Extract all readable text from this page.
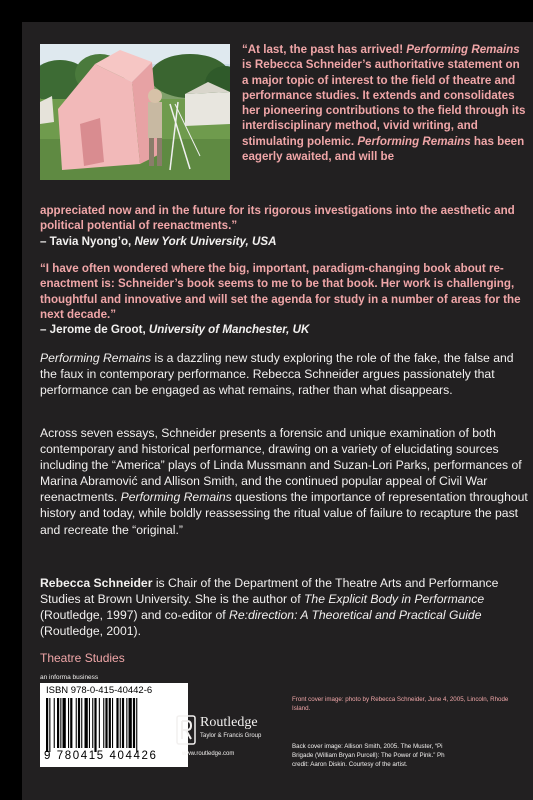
“At last, the past has arrived! Performing Remains is Rebecca Schneider’s authoritative statement on a major topic of interest to the field of theatre and performance studies. It extends and consolidates her pioneering contributions to the field through its interdisciplinary method, vivid writing, and stimulating polemic. Performing Remains has been eagerly awaited, and will be
appreciated now and in the future for its rigorous investigations into the aesthetic and political potential of reenactments.”
– Tavia Nyong’o, New York University, USA
“I have often wondered where the big, important, paradigm-changing book about re-enactment is: Schneider’s book seems to me to be that book. Her work is challenging, thoughtful and innovative and will set the agenda for study in a number of areas for the next decade.”
– Jerome de Groot, University of Manchester, UK
Performing Remains is a dazzling new study exploring the role of the fake, the false and the faux in contemporary performance. Rebecca Schneider argues passionately that performance can be engaged as what remains, rather than what disappears.
Across seven essays, Schneider presents a forensic and unique examination of both contemporary and historical performance, drawing on a variety of elucidating sources including the “America” plays of Linda Mussmann and Suzan-Lori Parks, performances of Marina Abramović and Allison Smith, and the continued popular appeal of Civil War reenactments. Performing Remains questions the importance of representation throughout history and today, while boldly reassessing the ritual value of failure to recapture the past and recreate the “original.”
Rebecca Schneider is Chair of the Department of the Theatre Arts and Performance Studies at Brown University. She is the author of The Explicit Body in Performance (Routledge, 1997) and co-editor of Re:direction: A Theoretical and Practical Guide (Routledge, 2001).
Theatre Studies
an informa business
ISBN 978-0-415-40442-6
9 780415 404426
Routledge
Taylor & Francis Group
www.routledge.com
Front cover image: photo by Rebecca Schneider, June 4, 2005, Lincoln, Rhode Island.
Back cover image: Allison Smith, 2005. The Muster, “Pi
Brigade (William Bryan Purcell): The Power of Pink.” Ph
credit: Aaron Diskin. Courtesy of the artist.
